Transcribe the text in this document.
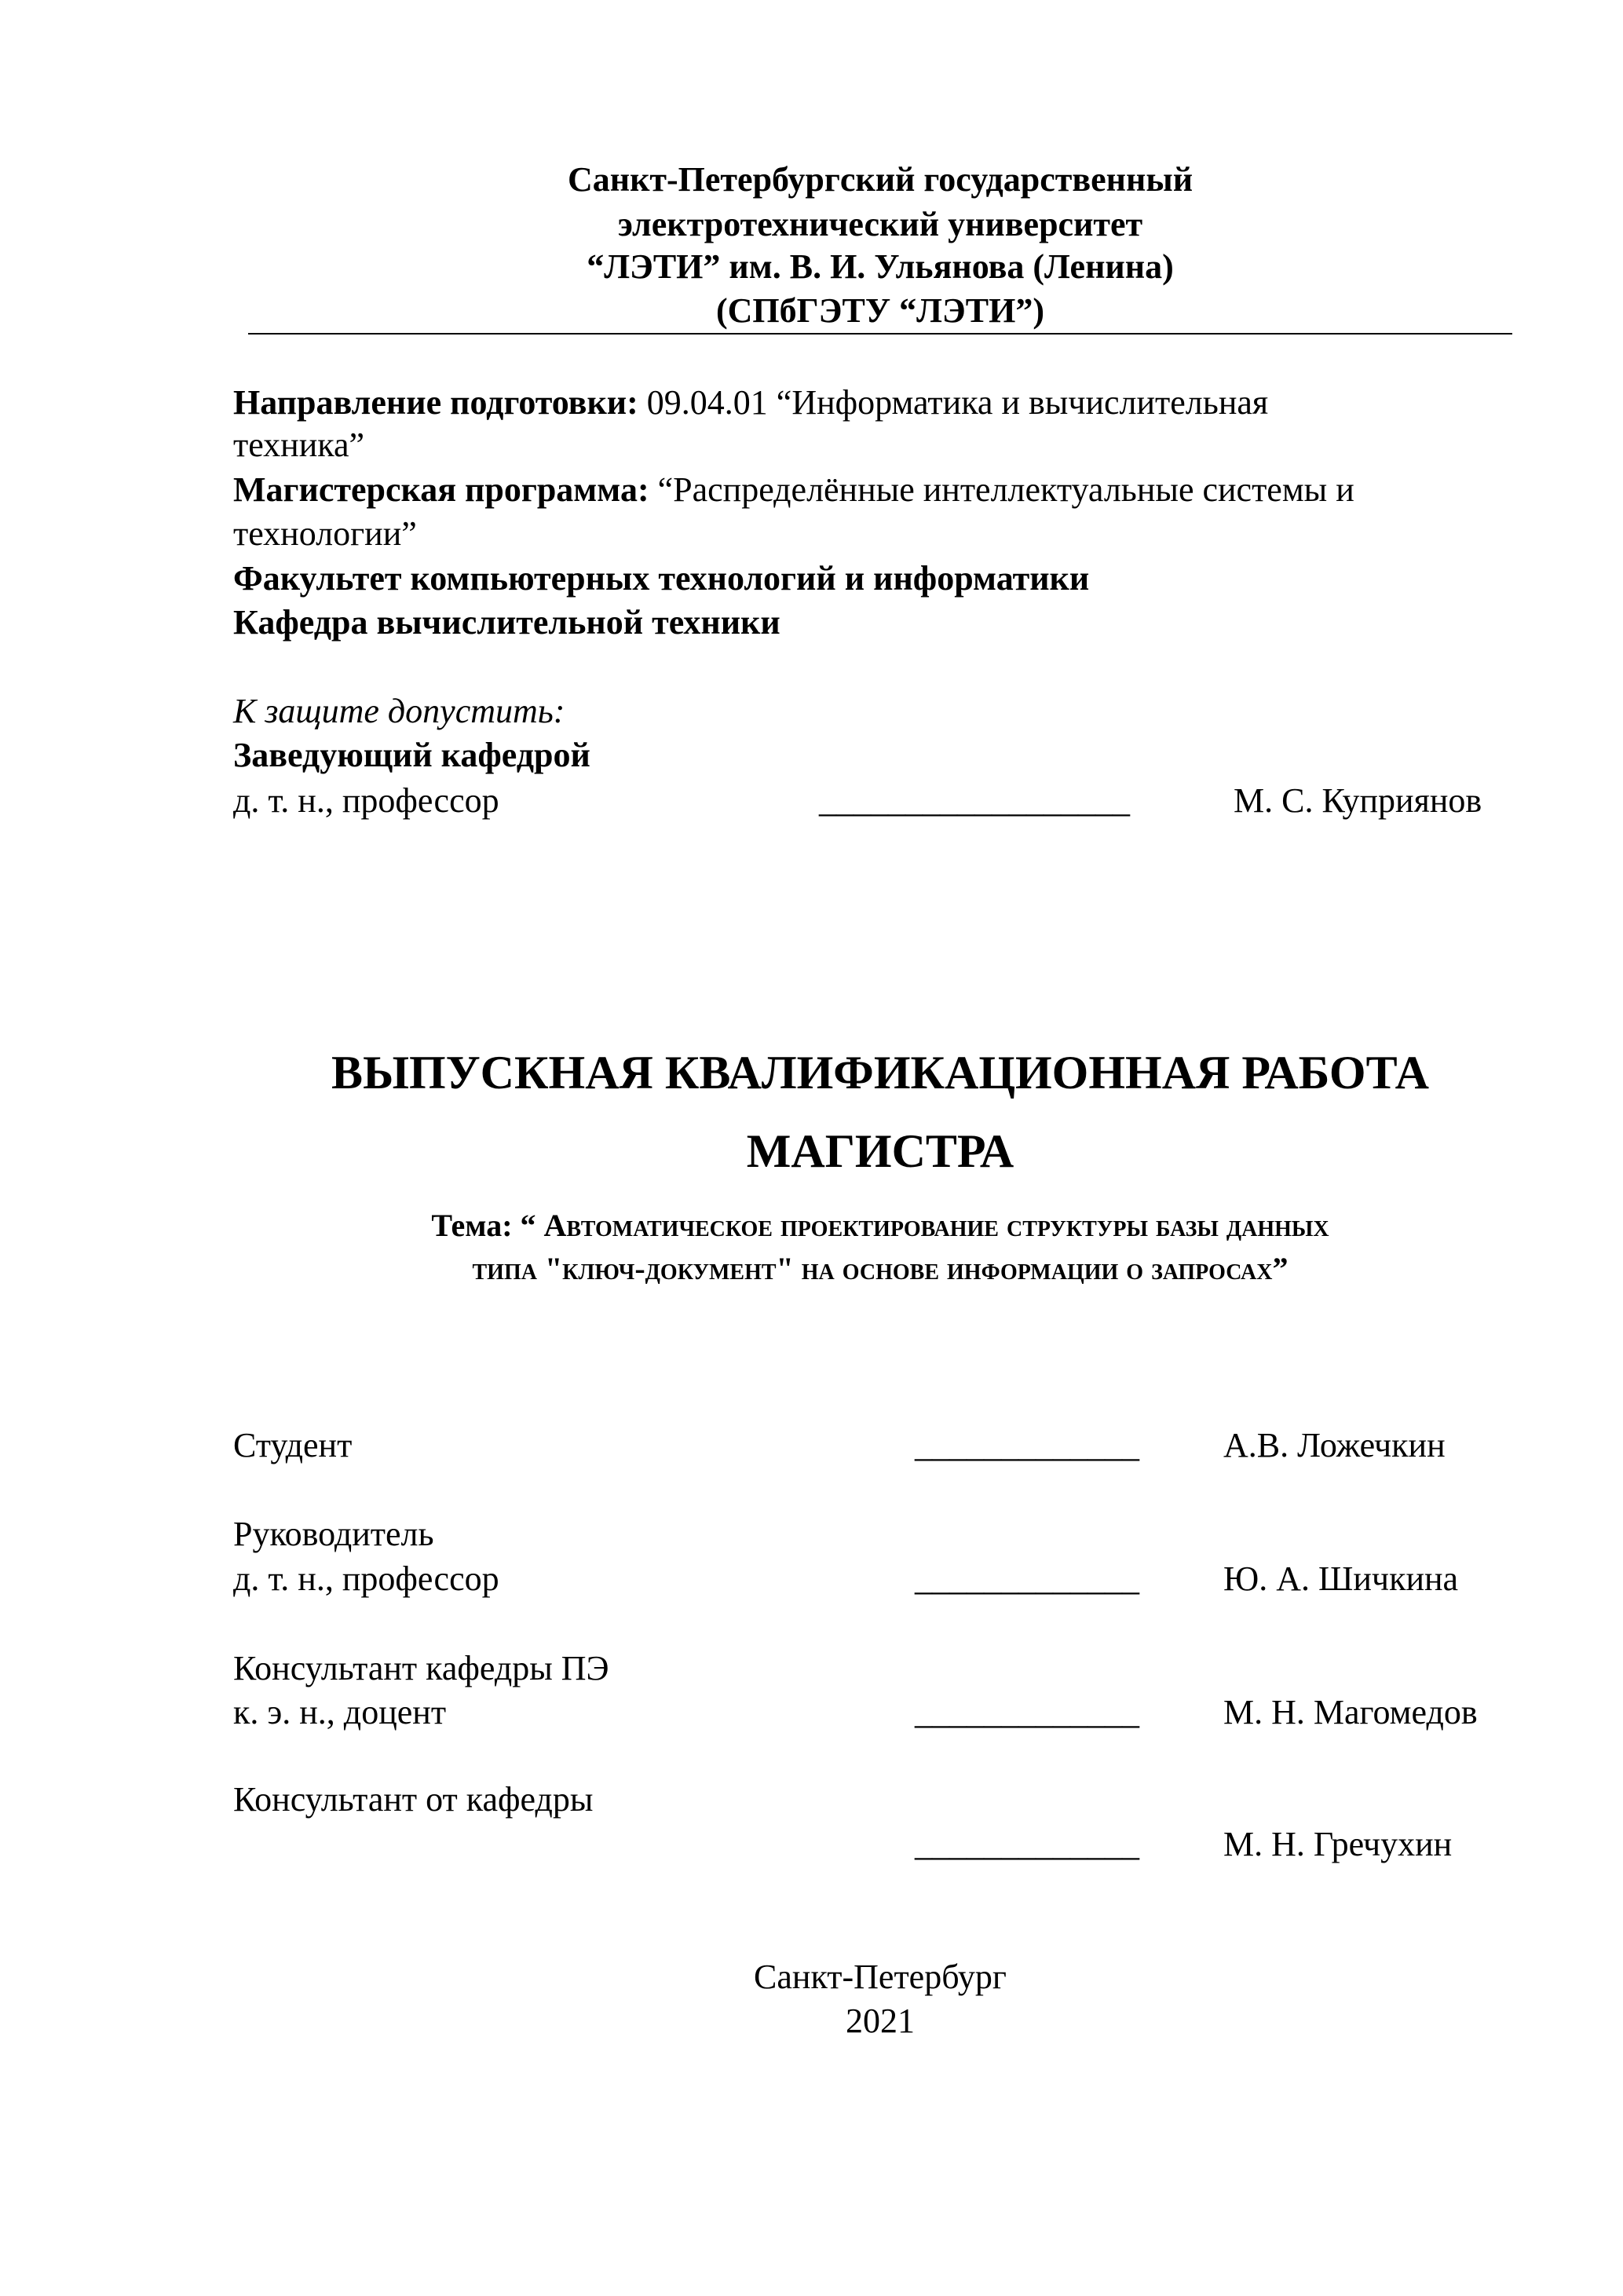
Санкт-Петербургский государственный
электротехнический университет
“ЛЭТИ” им. В. И. Ульянова (Ленина)
(СПбГЭТУ “ЛЭТИ”)
Направление подготовки: 09.04.01 “Информатика и вычислительная
техника”
Магистерская программа: “Распределённые интеллектуальные системы и
технологии”
Факультет компьютерных технологий и информатики
Кафедра вычислительной техники
К защите допустить:
Заведующий кафедрой
д. т. н., профессор	__________________	М. С. Куприянов
ВЫПУСКНАЯ КВАЛИФИКАЦИОННАЯ РАБОТА
МАГИСТРА
Тема: “ Автоматическое проектирование структуры базы данных
типа "ключ-документ" на основе информации о запросах”
Студент	_____________ А.В. Ложечкин
Руководитель
д. т. н., профессор	_____________ Ю. А. Шичкина
Консультант кафедры ПЭ
к. э. н., доцент	_____________ М. Н. Магомедов
Консультант от кафедры
_____________ М. Н. Гречухин
Санкт-Петербург
2021
